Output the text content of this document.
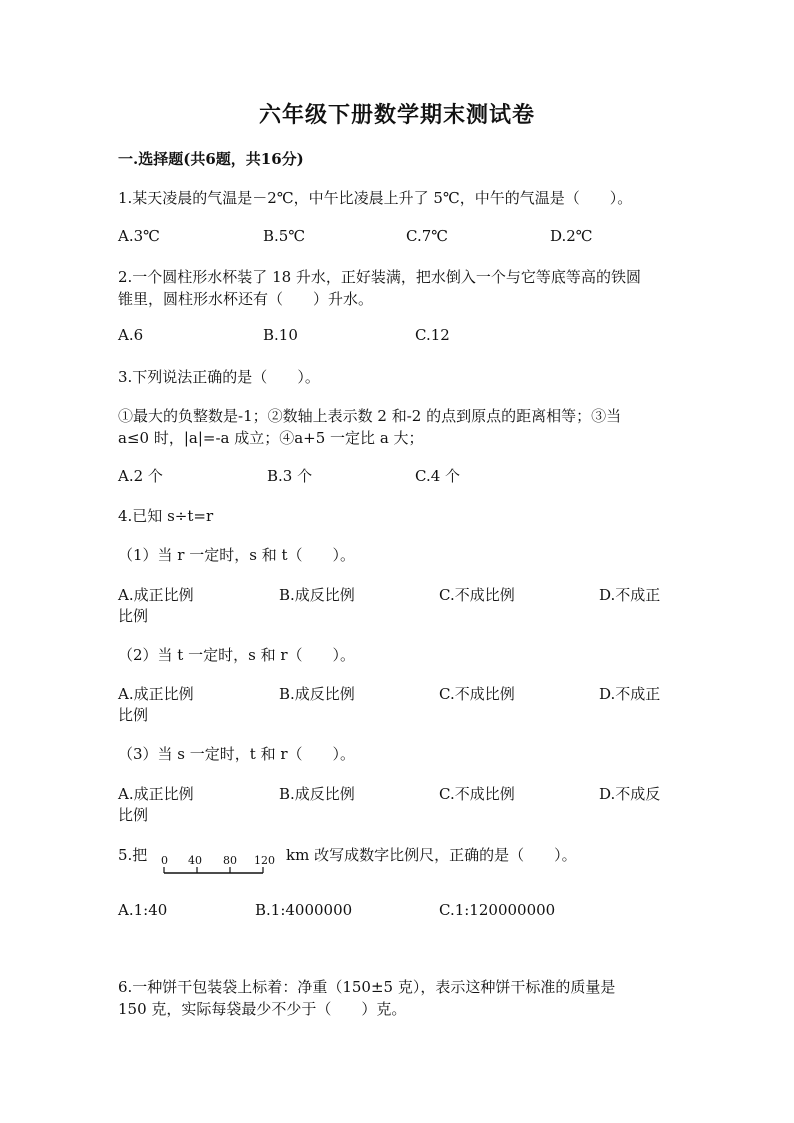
六年级下册数学期末测试卷
一.选择题(共6题，共16分)
1.某天凌晨的气温是－2℃，中午比凌晨上升了 5℃，中午的气温是（　　）。
A.3℃	B.5℃	C.7℃	D.2℃
2.一个圆柱形水杯装了 18 升水，正好装满，把水倒入一个与它等底等高的铁圆
锥里，圆柱形水杯还有（　　）升水。
A.6	B.10	C.12
3.下列说法正确的是（　　）。
①最大的负整数是-1；②数轴上表示数 2 和-2 的点到原点的距离相等；③当
a≤0 时，|a|=-a 成立；④a+5 一定比 a 大；
A.2 个	B.3 个	C.4 个
4.已知 s÷t=r
（1）当 r 一定时，s 和 t（　　）。
A.成正比例	B.成反比例	C.不成比例	D.不成正
比例
（2）当 t 一定时，s 和 r（　　）。
A.成正比例	B.成反比例	C.不成比例	D.不成正
比例
（3）当 s 一定时，t 和 r（　　）。
A.成正比例	B.成反比例	C.不成比例	D.不成反
比例
5.把 0 40 80 120 km 改写成数字比例尺，正确的是（　　）。
A.1:40	B.1:4000000	C.1:120000000
6.一种饼干包装袋上标着：净重（150±5 克），表示这种饼干标准的质量是
150 克，实际每袋最少不少于（　　）克。
